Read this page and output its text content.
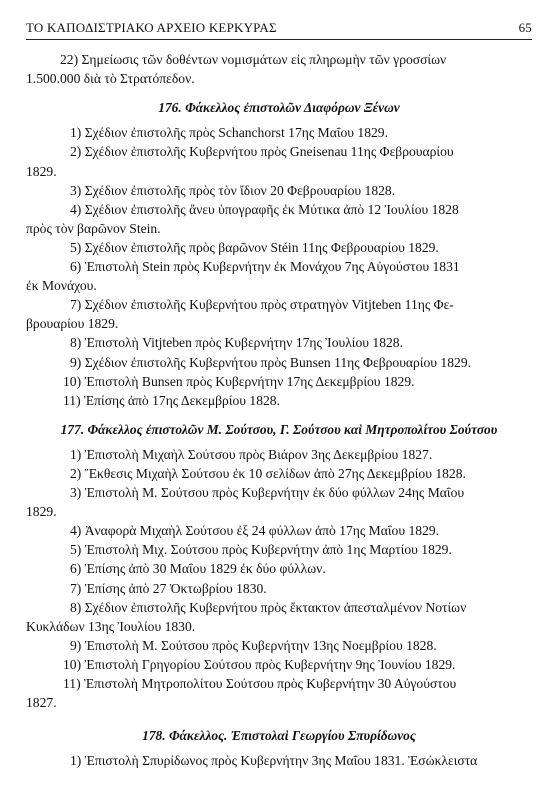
ΤΟ ΚΑΠΟΔΙΣΤΡΙΑΚΟ ΑΡΧΕΙΟ ΚΕΡΚΥΡΑΣ	65

22) Σημείωσις τῶν δοθέντων νομισμάτων εἰς πληρωμὴν τῶν γροσσίων

1.500.000 διὰ τὸ Στρατόπεδον.

176. Φάκελλος ἐπιστολῶν Διαφόρων Ξένων

1) Σχέδιον ἐπιστολῆς πρὸς Schanchorst 17ης Μαΐου 1829.

2) Σχέδιον ἐπιστολῆς Κυβερνήτου πρὸς Gneisenau 11ης Φεβρουαρίου

1829.

3) Σχέδιον ἐπιστολῆς πρὸς τὸν ἴδιον 20 Φεβρουαρίου 1828.

4) Σχέδιον ἐπιστολῆς ἄνευ ὑπογραφῆς ἐκ Μύτικα ἀπὸ 12 Ἰουλίου 1828

πρὸς τὸν βαρῶνον Stein.

5) Σχέδιον ἐπιστολῆς πρὸς βαρῶνον Stéin 11ης Φεβρουαρίου 1829.

6) Ἐπιστολὴ Stein πρὸς Κυβερνήτην ἐκ Μονάχου 7ης Αὐγούστου 1831

ἐκ Μονάχου.

7) Σχέδιον ἐπιστολῆς Κυβερνήτου πρὸς στρατηγὸν Vitjteben 11ης Φε-

βρουαρίου 1829.

8) Ἐπιστολὴ Vitjteben πρὸς Κυβερνήτην 17ης Ἰουλίου 1828.

9) Σχέδιον ἐπιστολῆς Κυβερνήτου πρὸς Bunsen 11ης Φεβρουαρίου 1829.

10) Ἐπιστολὴ Bunsen πρὸς Κυβερνήτην 17ης Δεκεμβρίου 1829.

11) Ἐπίσης ἀπὸ 17ης Δεκεμβρίου 1828.

177. Φάκελλος ἐπιστολῶν Μ. Σούτσου, Γ. Σούτσου καὶ Μητροπολίτου Σούτσου

1) Ἐπιστολὴ Μιχαὴλ Σούτσου πρὸς Βιάρον 3ης Δεκεμβρίου 1827.

2) Ἔκθεσις Μιχαὴλ Σούτσου ἐκ 10 σελίδων ἀπὸ 27ης Δεκεμβρίου 1828.

3) Ἐπιστολὴ Μ. Σούτσου πρὸς Κυβερνήτην ἐκ δύο φύλλων 24ης Μαΐου

1829.

4) Ἀναφορὰ Μιχαὴλ Σούτσου ἐξ 24 φύλλων ἀπὸ 17ης Μαΐου 1829.

5) Ἐπιστολὴ Μιχ. Σούτσου πρὸς Κυβερνήτην ἀπὸ 1ης Μαρτίου 1829.

6) Ἐπίσης ἀπὸ 30 Μαΐου 1829 ἐκ δύο φύλλων.

7) Ἐπίσης ἀπὸ 27 Ὀκτωβρίου 1830.

8) Σχέδιον ἐπιστολῆς Κυβερνήτου πρὸς ἔκτακτον ἀπεσταλμένον Νοτίων

Κυκλάδων 13ης Ἰουλίου 1830.

9) Ἐπιστολὴ Μ. Σούτσου πρὸς Κυβερνήτην 13ης Νοεμβρίου 1828.

10) Ἐπιστολὴ Γρηγορίου Σούτσου πρὸς Κυβερνήτην 9ης Ἰουνίου 1829.

11) Ἐπιστολὴ Μητροπολίτου Σούτσου πρὸς Κυβερνήτην 30 Αὐγούστου

1827.

178. Φάκελλος. Ἐπιστολαὶ Γεωργίου Σπυρίδωνος

1) Ἐπιστολὴ Σπυρίδωνος πρὸς Κυβερνήτην 3ης Μαΐου 1831. Ἐσώκλειστα
